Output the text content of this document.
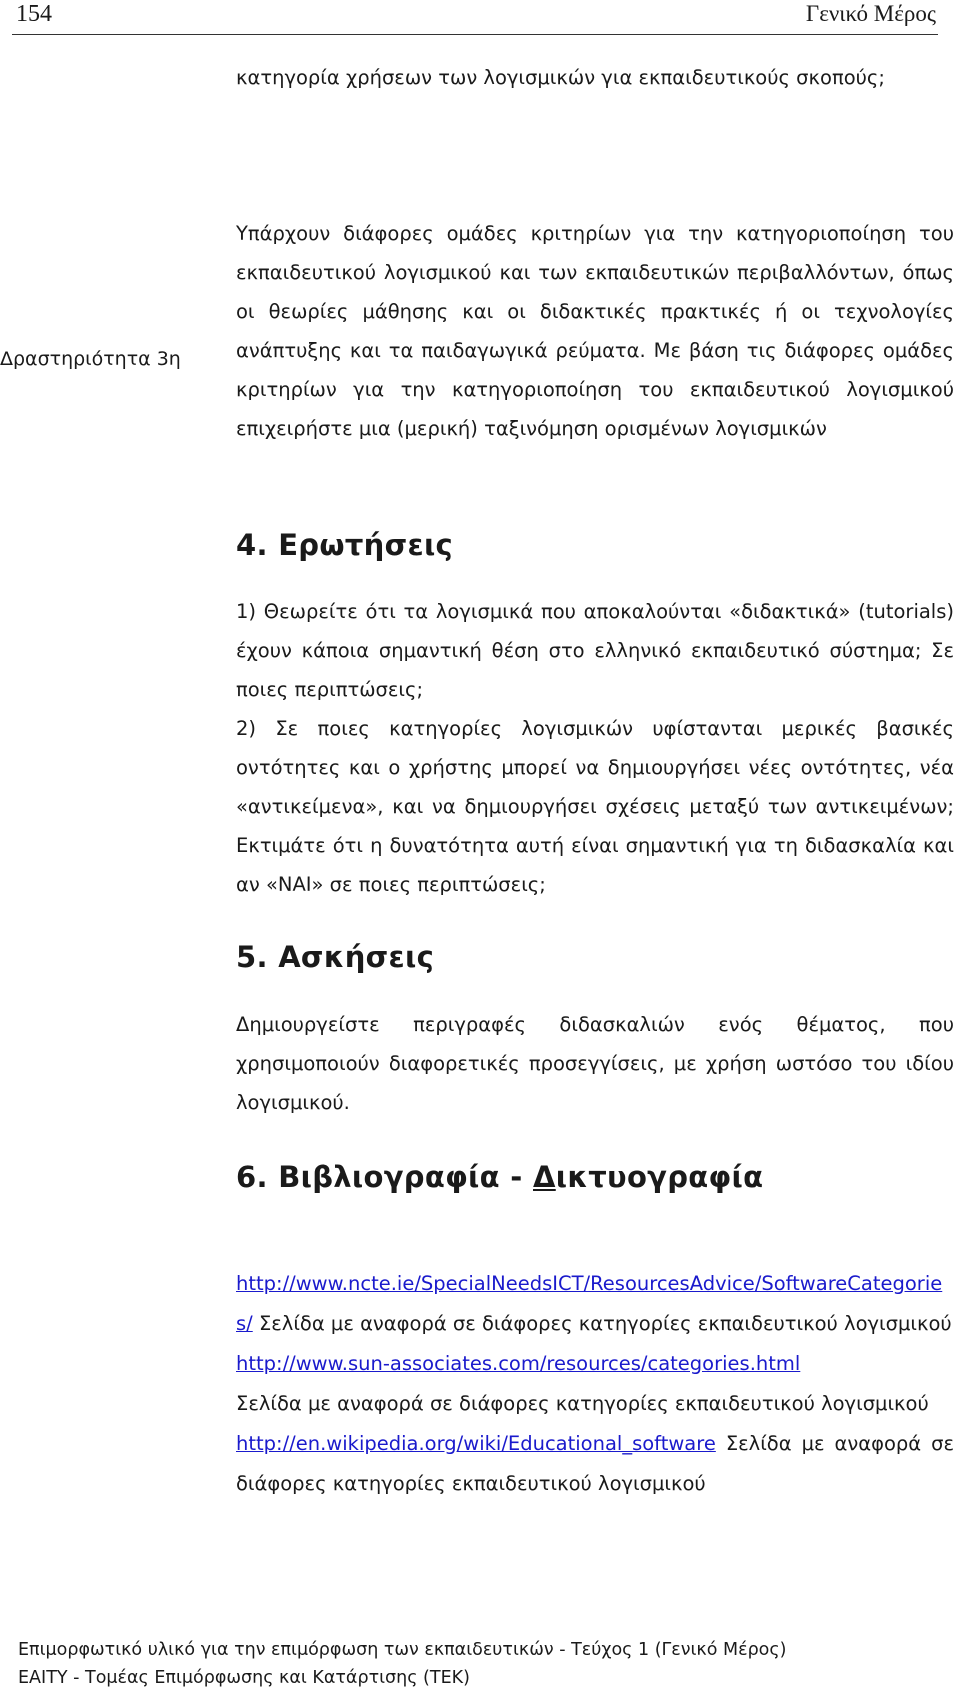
154	Γενικό Μέρος

κατηγορία χρήσεων των λογισμικών για εκπαιδευτικούς σκοπούς;

Δραστηριότητα 3η

Υπάρχουν διάφορες ομάδες κριτηρίων για την κατηγοριοποίηση του εκπαιδευτικού λογισμικού και των εκπαιδευτικών περιβαλλόντων, όπως οι θεωρίες μάθησης και οι διδακτικές πρακτικές ή οι τεχνολογίες ανάπτυξης και τα παιδαγωγικά ρεύματα. Με βάση τις διάφορες ομάδες κριτηρίων για την κατηγοριοποίηση του εκπαιδευτικού λογισμικού επιχειρήστε μια (μερική) ταξινόμηση ορισμένων λογισμικών

4. Ερωτήσεις

1) Θεωρείτε ότι τα λογισμικά που αποκαλούνται «διδακτικά» (tutorials) έχουν κάποια σημαντική θέση στο ελληνικό εκπαιδευτικό σύστημα; Σε ποιες περιπτώσεις;

2) Σε ποιες κατηγορίες λογισμικών υφίστανται μερικές βασικές οντότητες και ο χρήστης μπορεί να δημιουργήσει νέες οντότητες, νέα «αντικείμενα», και να δημιουργήσει σχέσεις μεταξύ των αντικειμένων; Εκτιμάτε ότι η δυνατότητα αυτή είναι σημαντική για τη διδασκαλία και αν «ΝΑΙ» σε ποιες περιπτώσεις;

5. Ασκήσεις

Δημιουργείστε περιγραφές διδασκαλιών ενός θέματος, που χρησιμοποιούν διαφορετικές προσεγγίσεις, με χρήση ωστόσο του ιδίου λογισμικού.

6. Βιβλιογραφία - Δικτυογραφία

http://www.ncte.ie/SpecialNeedsICT/ResourcesAdvice/SoftwareCategories/ Σελίδα με αναφορά σε διάφορες κατηγορίες εκπαιδευτικού λογισμικού

http://www.sun-associates.com/resources/categories.html
Σελίδα με αναφορά σε διάφορες κατηγορίες εκπαιδευτικού λογισμικού

http://en.wikipedia.org/wiki/Educational_software Σελίδα με αναφορά σε διάφορες κατηγορίες εκπαιδευτικού λογισμικού

Επιμορφωτικό υλικό για την επιμόρφωση των εκπαιδευτικών - Τεύχος 1 (Γενικό Μέρος)
ΕΑΙΤΥ - Τομέας Επιμόρφωσης και Κατάρτισης (ΤΕΚ)
